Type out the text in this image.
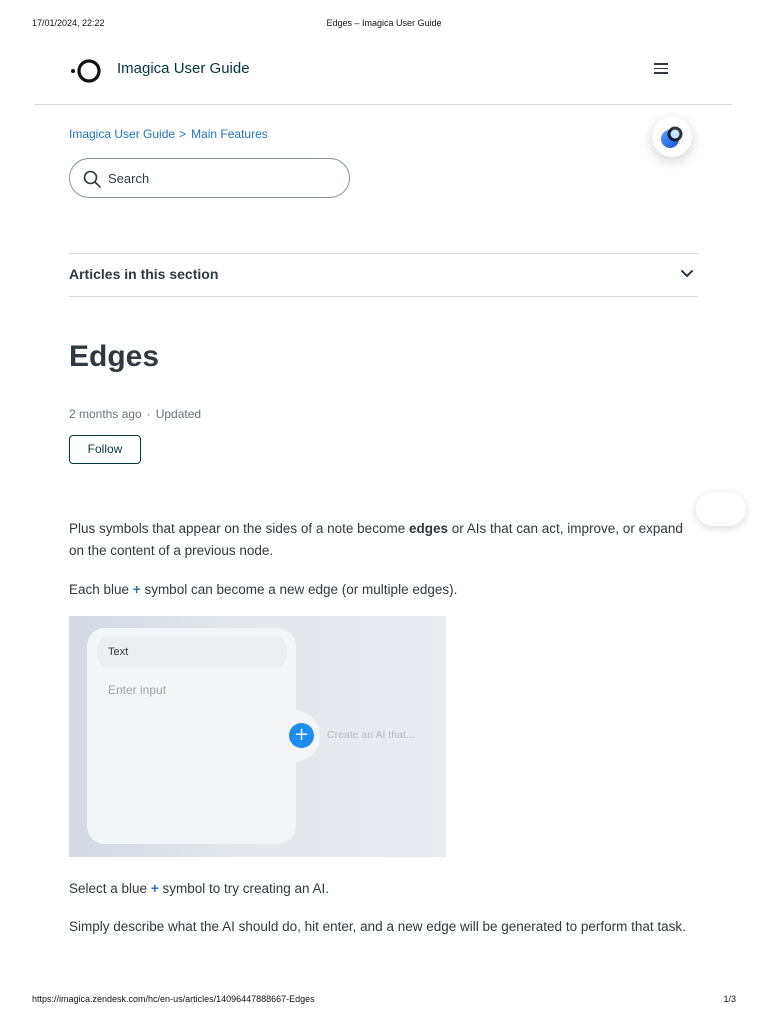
17/01/2024, 22:22	Edges – Imagica User Guide
Imagica User Guide
Imagica User Guide > Main Features
Search
Articles in this section
Edges
2 months ago · Updated
Follow

Plus symbols that appear on the sides of a note become edges or AIs that can act, improve, or expand on the content of a previous node.

Each blue + symbol can become a new edge (or multiple edges).

Text
Enter input
+	Create an AI that...

Select a blue + symbol to try creating an AI.

Simply describe what the AI should do, hit enter, and a new edge will be generated to perform that task.

https://imagica.zendesk.com/hc/en-us/articles/14096447888667-Edges	1/3
